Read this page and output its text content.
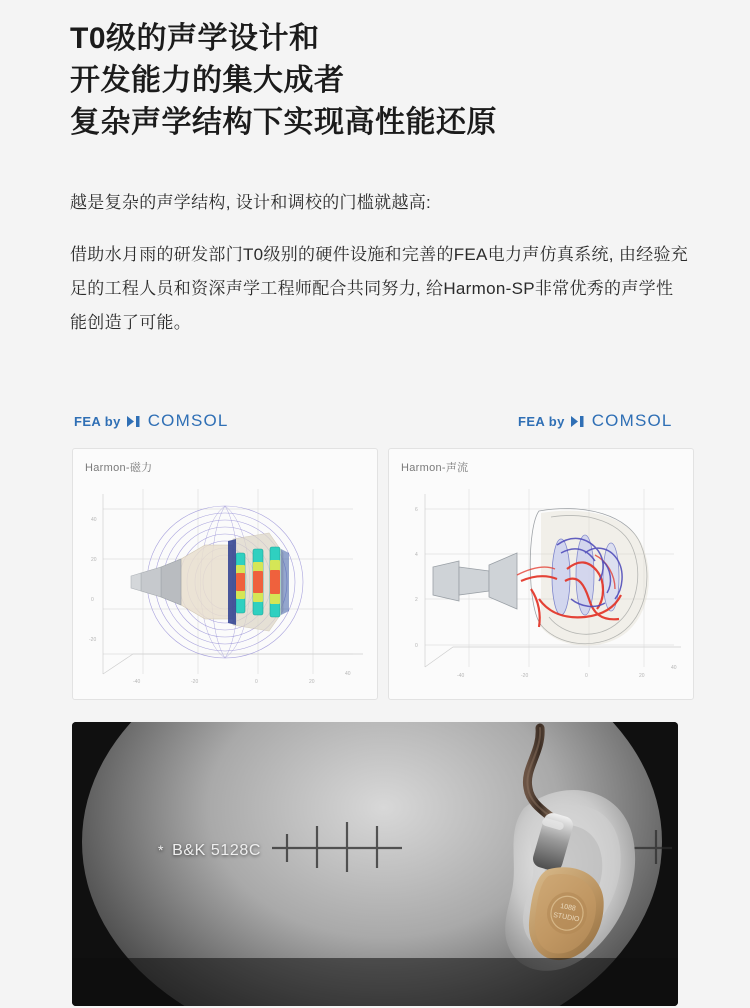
T0级的声学设计和
开发能力的集大成者
复杂声学结构下实现高性能还原
越是复杂的声学结构, 设计和调校的门槛就越高:
借助水月雨的研发部门T0级别的硬件设施和完善的FEA电力声仿真系统, 由经验充足的工程人员和资深声学工程师配合共同努力, 给Harmon-SP非常优秀的声学性能创造了可能。
FEA by COMSOL	FEA by COMSOL
40
20
0
-20
-40	-20	0	20
40
Harmon-磁力
6
4
2
0
-40	-20	0	20
40
Harmon-声流
1088
STUDIO
* B&K 5128C
